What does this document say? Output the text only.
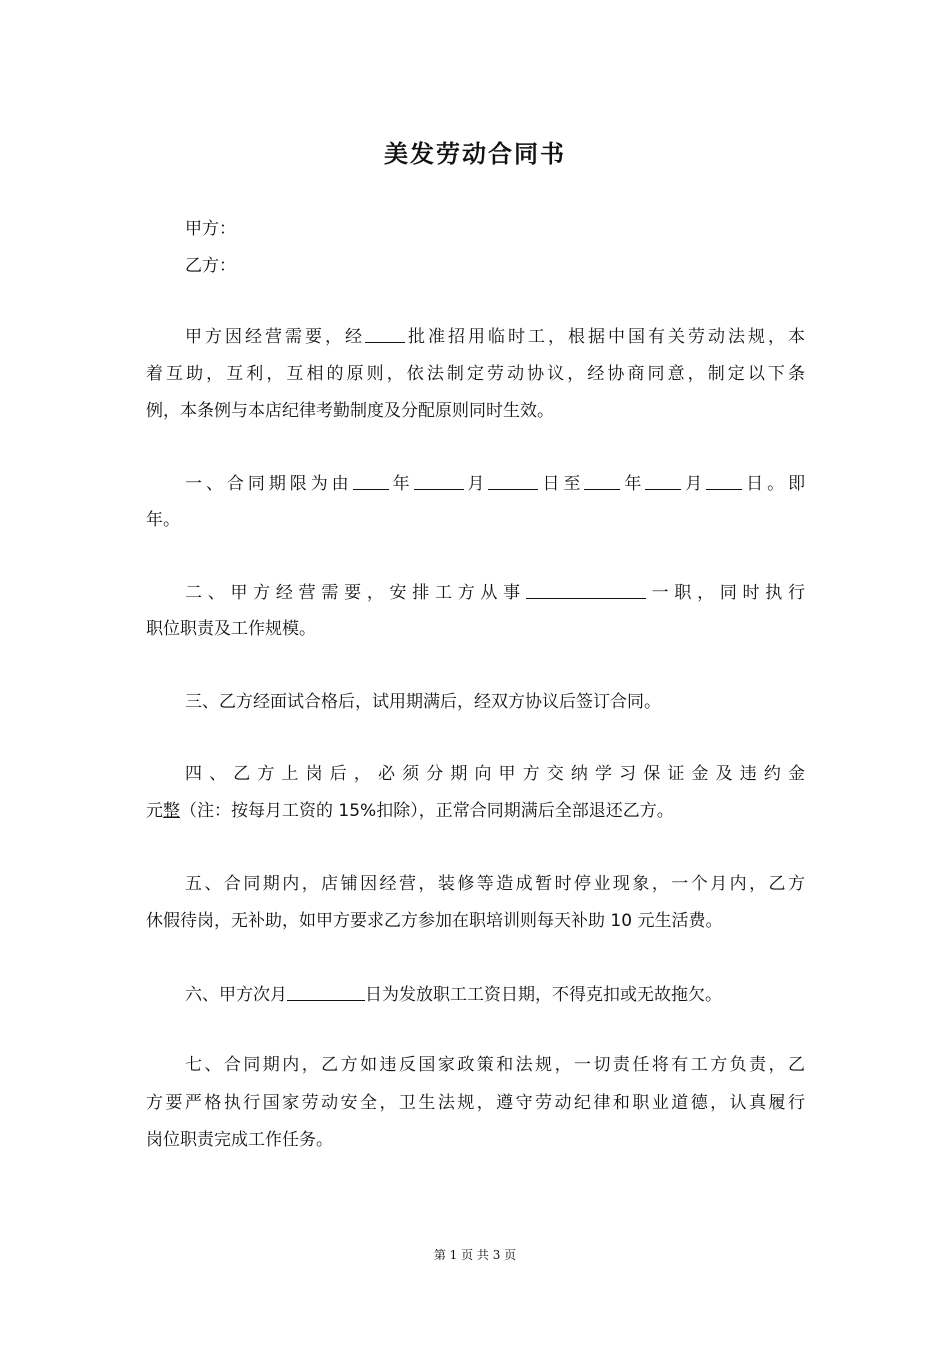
美发劳动合同书
甲方：
乙方：
甲方因经营需要，经 批准招用临时工，根据中国有关劳动法规，本
着互助，互利，互相的原则，依法制定劳动协议，经协商同意，制定以下条
例，本条例与本店纪律考勤制度及分配原则同时生效。
一、合同期限为由 年	月	日至 年 月 日。即
年。
二、甲方经营需要，安排工方从事	一职，同时执行
职位职责及工作规模。
三、乙方经面试合格后，试用期满后，经双方协议后签订合同。
四、乙方上岗后，必须分期向甲方交纳学习保证金及违约金
元整（注：按每月工资的 15%扣除），正常合同期满后全部退还乙方。
五、合同期内，店铺因经营，装修等造成暂时停业现象，一个月内，乙方
休假待岗，无补助，如甲方要求乙方参加在职培训则每天补助 10 元生活费。
六、甲方次月	日为发放职工工资日期，不得克扣或无故拖欠。
七、合同期内，乙方如违反国家政策和法规，一切责任将有工方负责，乙
方要严格执行国家劳动安全，卫生法规，遵守劳动纪律和职业道德，认真履行
岗位职责完成工作任务。
第 1 页 共 3 页
